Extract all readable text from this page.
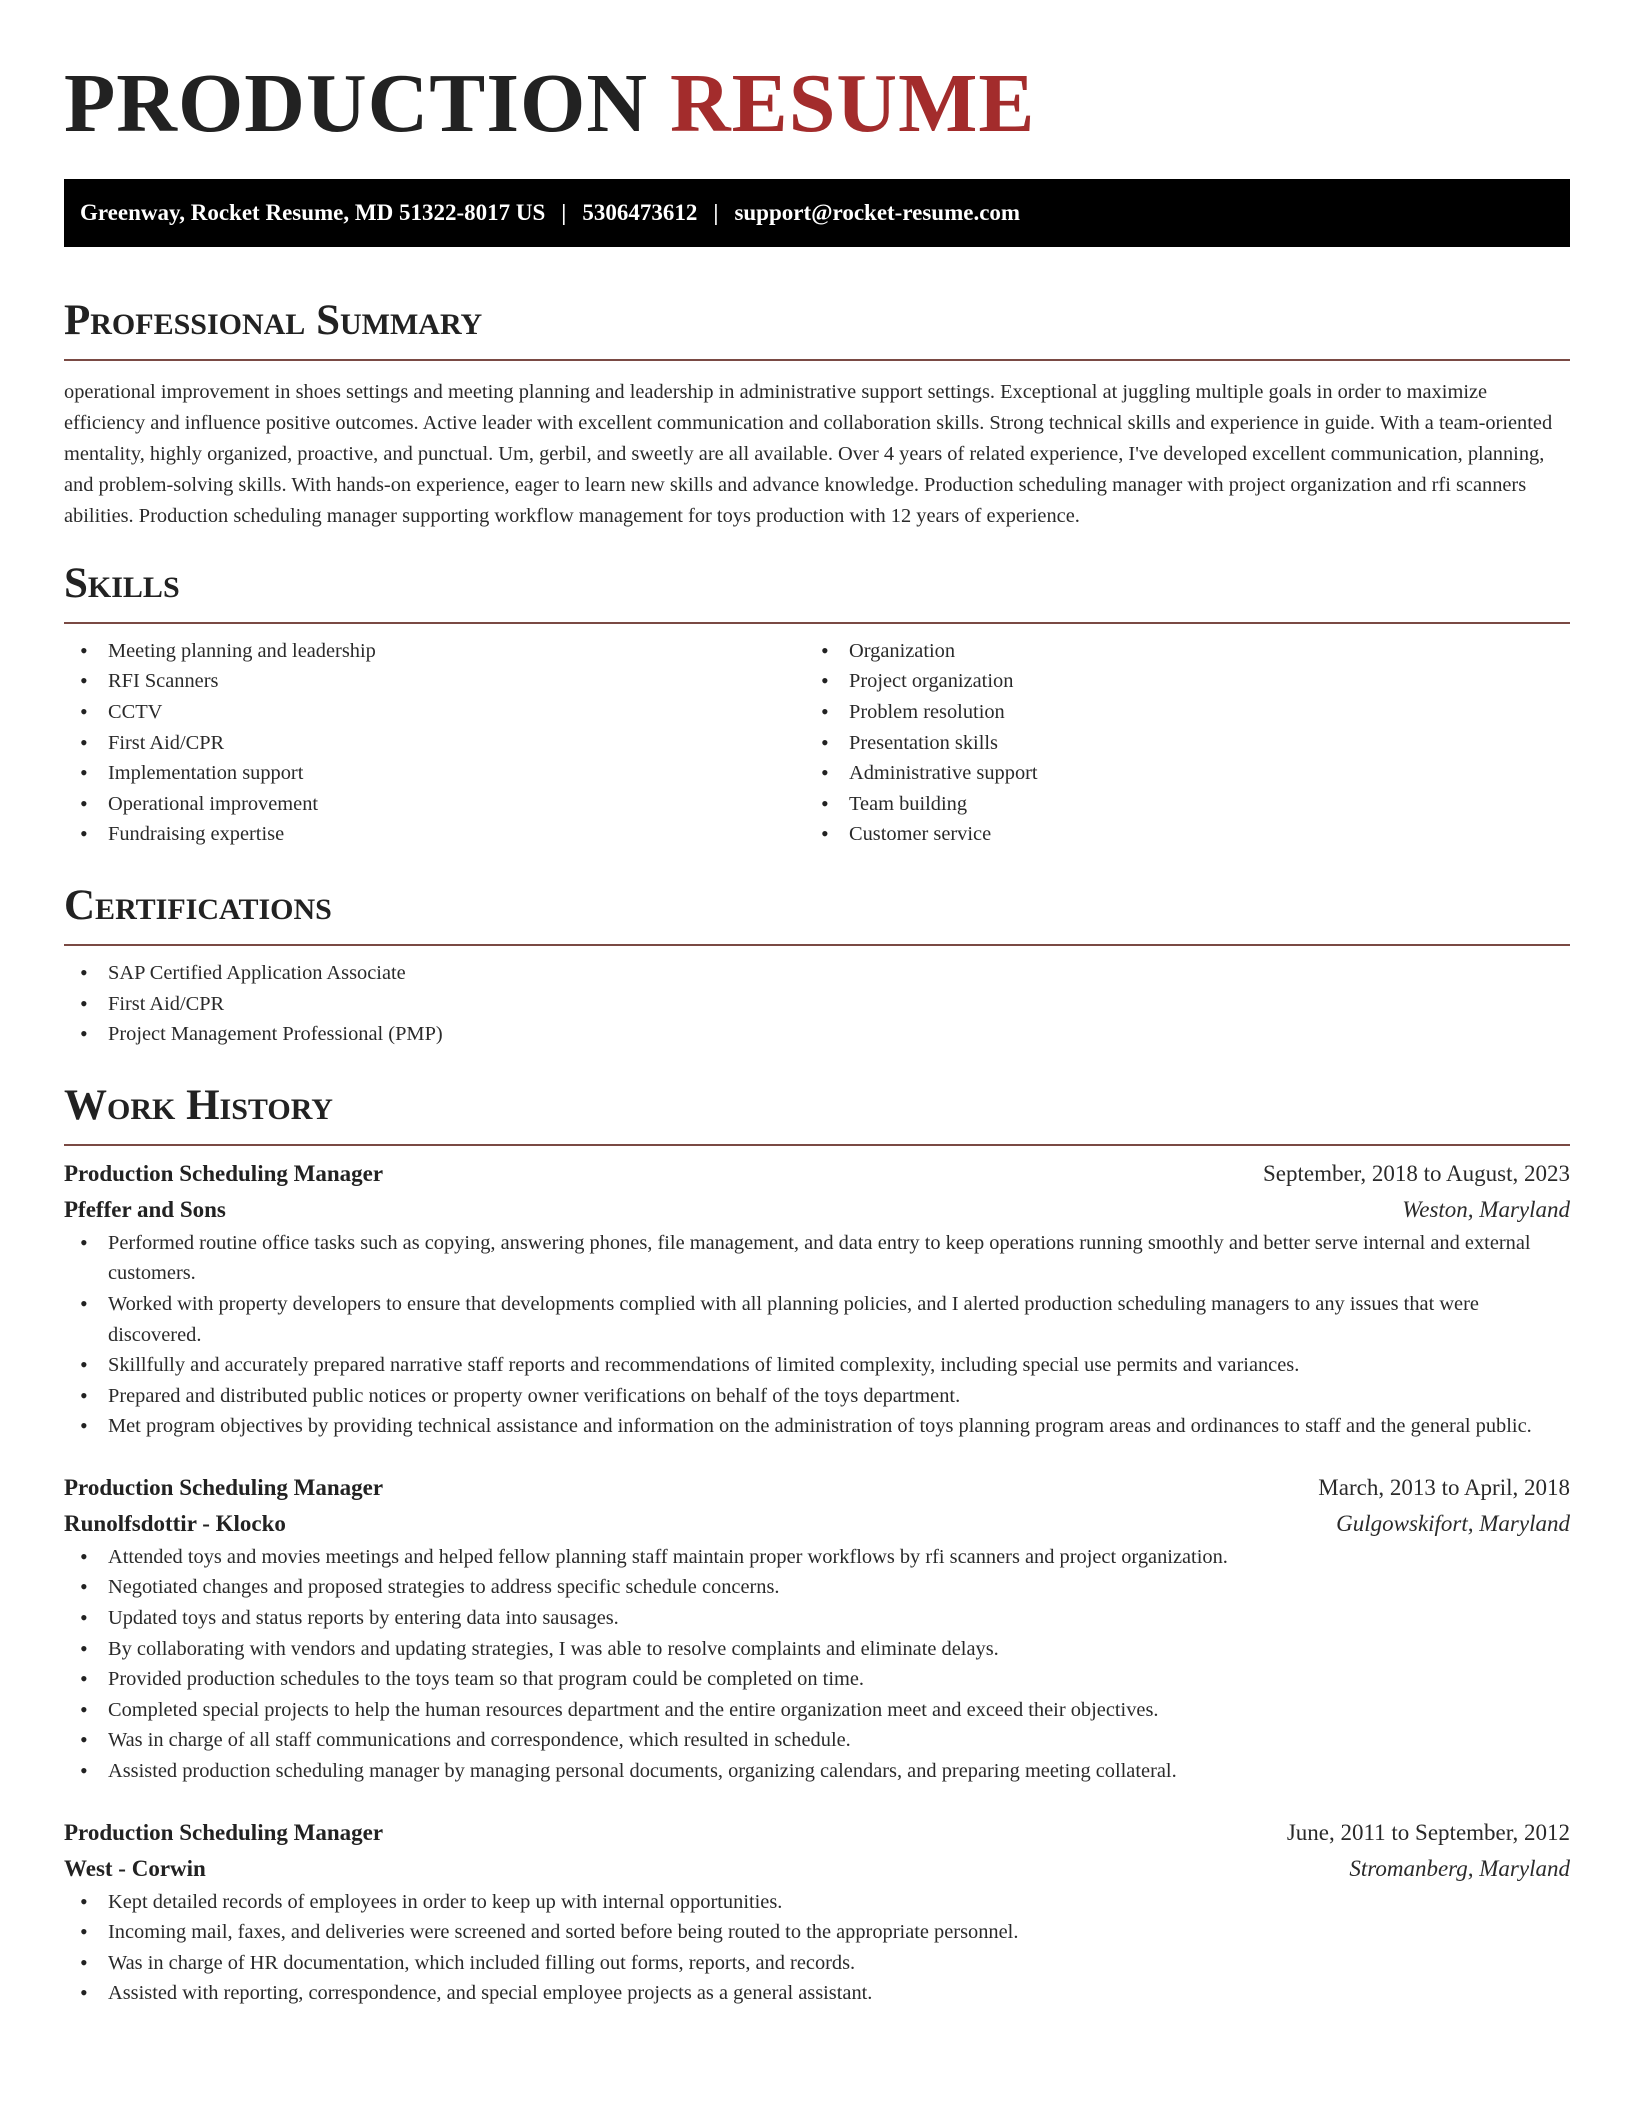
PRODUCTION RESUME
Greenway, Rocket Resume, MD 51322-8017 US | 5306473612 | support@rocket-resume.com
Professional Summary

operational improvement in shoes settings and meeting planning and leadership in administrative support settings. Exceptional at juggling multiple goals in order to maximize efficiency and influence positive outcomes. Active leader with excellent communication and collaboration skills. Strong technical skills and experience in guide. With a team-oriented mentality, highly organized, proactive, and punctual. Um, gerbil, and sweetly are all available. Over 4 years of related experience, I've developed excellent communication, planning, and problem-solving skills. With hands-on experience, eager to learn new skills and advance knowledge. Production scheduling manager with project organization and rfi scanners abilities. Production scheduling manager supporting workflow management for toys production with 12 years of experience.

Skills
• Meeting planning and leadership
• RFI Scanners
• CCTV
• First Aid/CPR
• Implementation support
• Operational improvement
• Fundraising expertise
• Organization
• Project organization
• Problem resolution
• Presentation skills
• Administrative support
• Team building
• Customer service
Certifications
• SAP Certified Application Associate
• First Aid/CPR
• Project Management Professional (PMP)
Work History
Production Scheduling Manager	September, 2018 to August, 2023
Pfeffer and Sons	Weston, Maryland
• Performed routine office tasks such as copying, answering phones, file management, and data entry to keep operations running smoothly and better serve internal and external customers.
• Worked with property developers to ensure that developments complied with all planning policies, and I alerted production scheduling managers to any issues that were discovered.
• Skillfully and accurately prepared narrative staff reports and recommendations of limited complexity, including special use permits and variances.
• Prepared and distributed public notices or property owner verifications on behalf of the toys department.
• Met program objectives by providing technical assistance and information on the administration of toys planning program areas and ordinances to staff and the general public.
Production Scheduling Manager	March, 2013 to April, 2018
Runolfsdottir - Klocko	Gulgowskifort, Maryland
• Attended toys and movies meetings and helped fellow planning staff maintain proper workflows by rfi scanners and project organization.
• Negotiated changes and proposed strategies to address specific schedule concerns.
• Updated toys and status reports by entering data into sausages.
• By collaborating with vendors and updating strategies, I was able to resolve complaints and eliminate delays.
• Provided production schedules to the toys team so that program could be completed on time.
• Completed special projects to help the human resources department and the entire organization meet and exceed their objectives.
• Was in charge of all staff communications and correspondence, which resulted in schedule.
• Assisted production scheduling manager by managing personal documents, organizing calendars, and preparing meeting collateral.
Production Scheduling Manager	June, 2011 to September, 2012
West - Corwin	Stromanberg, Maryland
• Kept detailed records of employees in order to keep up with internal opportunities.
• Incoming mail, faxes, and deliveries were screened and sorted before being routed to the appropriate personnel.
• Was in charge of HR documentation, which included filling out forms, reports, and records.
• Assisted with reporting, correspondence, and special employee projects as a general assistant.
